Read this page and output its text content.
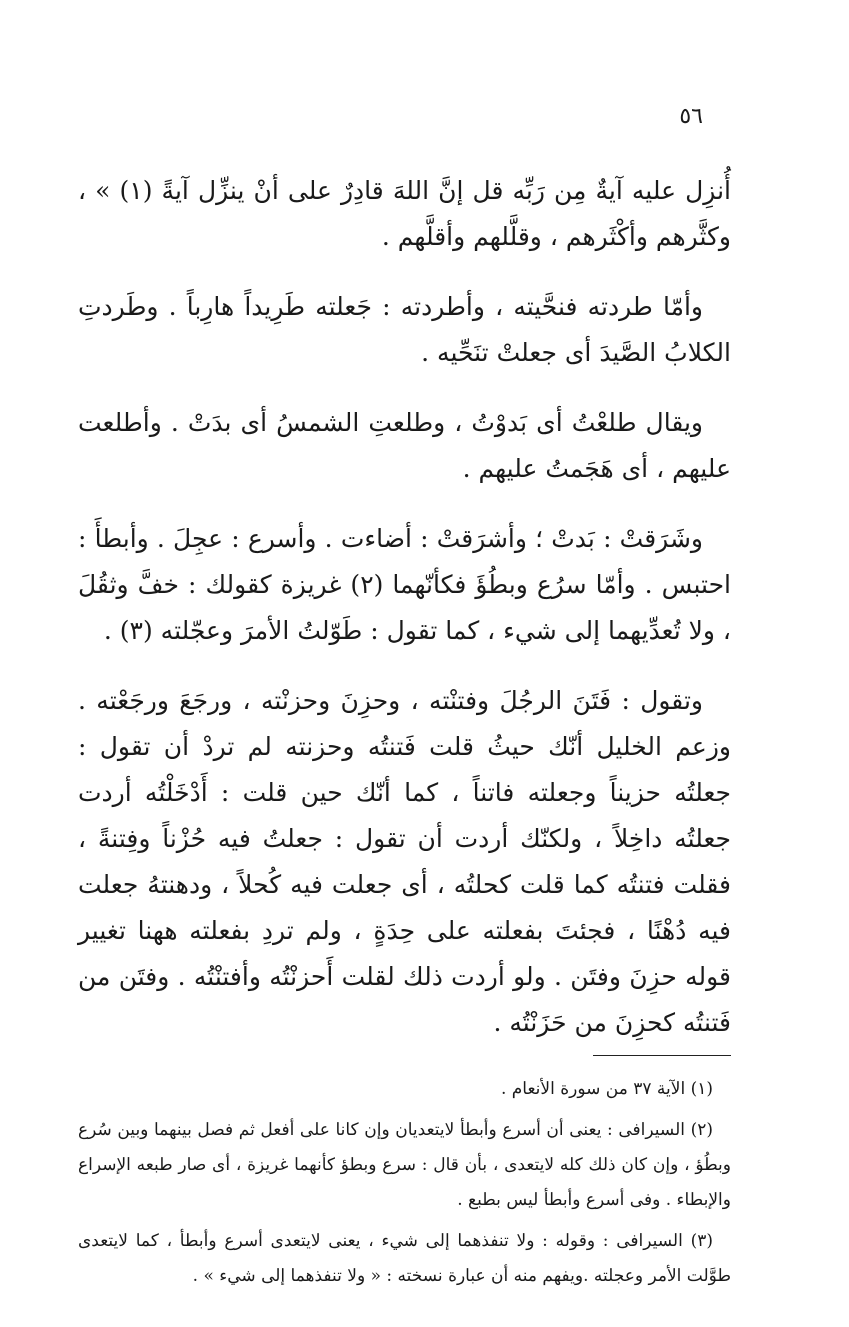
٥٦

أُنزِل عليه آيةٌ مِن رَبِّه قل إنَّ اللهَ قادِرٌ على أنْ ينزِّل آيةً (١) » ، وكثَّرهم وأكْثَرهم ، وقلَّلهم وأقلَّهم .

وأمّا طردته فنحَّيته ، وأطردته : جَعلته طَرِيداً هارِباً . وطَردتِ الكلابُ الصَّيدَ أى جعلتْ تنَحِّيه .

ويقال طلعْتُ أى بَدوْتُ ، وطلعتِ الشمسُ أى بدَتْ . وأطلعت عليهم ، أى هَجَمتُ عليهم .

وشَرَقتْ : بَدتْ ؛ وأشرَقتْ : أضاءت . وأسرع : عجِلَ . وأبطأَ : احتبس . وأمّا سرُع وبطُؤَ فكأنّهما (٢) غريزة كقولك : خفَّ وثقُلَ ، ولا تُعدِّيهما إلى شيء ، كما تقول : طَوّلتُ الأمرَ وعجّلته (٣) .

وتقول : فَتَنَ الرجُلَ وفتنْته ، وحزِنَ وحزنْته ، ورجَعَ ورجَعْته . وزعم الخليل أنّك حيثُ قلت فَتنتُه وحزنته لم تردْ أن تقول : جعلتُه حزيناً وجعلته فاتناً ، كما أنّك حين قلت : أَدْخَلْتُه أردت جعلتُه داخِلاً ، ولكنّك أردت أن تقول : جعلتُ فيه حُزْناً وفِتنةً ، فقلت فتنتُه كما قلت كحلتُه ، أى جعلت فيه كُحلاً ، ودهنتهُ جعلت فيه دُهْنًا ، فجئتَ بفعلته على حِدَةٍ ، ولم تردِ بفعلته ههنا تغيير قوله حزِنَ وفتَن . ولو أردت ذلك لقلت أَحزنْتُه وأفتنْتُه . وفتَن من فَتنتُه كحزِنَ من حَزَنْتُه .

(١) الآية ٣٧ من سورة الأنعام .

(٢) السيرافى : يعنى أن أسرع وأبطأ لايتعديان وإن كانا على أفعل ثم فصل بينهما وبين سُرع وبطُؤ ، وإن كان ذلك كله لايتعدى ، بأن قال : سرع وبطؤ كأنهما غريزة ، أى صار طبعه الإسراع والإبطاء . وفى أسرع وأبطأ ليس بطبع .

(٣) السيرافى : وقوله : ولا تنفذهما إلى شيء ، يعنى لايتعدى أسرع وأبطأ ، كما لايتعدى طوَّلت الأمر وعجلته .ويفهم منه أن عبارة نسخته : « ولا تنفذهما إلى شيء » .
